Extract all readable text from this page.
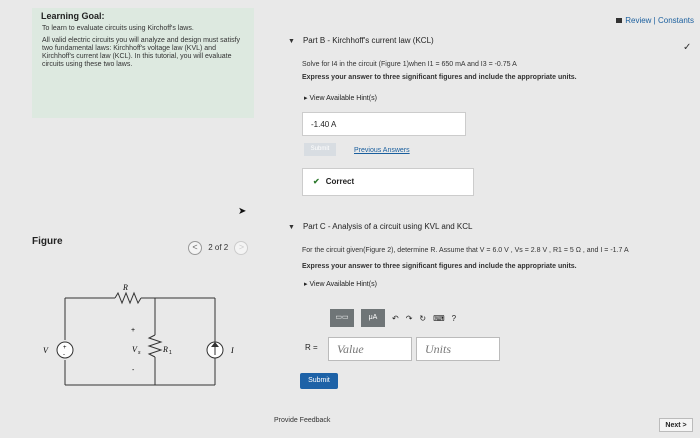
Review | Constants
Learning Goal:

To learn to evaluate circuits using Kirchoff's laws.

All valid electric circuits you will analyze and design must satisfy two fundamental laws: Kirchhoff's voltage law (KVL) and Kirchhoff's current law (KCL). In this tutorial, you will evaluate circuits using these two laws.

➤
Figure	< 2 of 2 >
+
-
V
R
+
-
V s	R 1	I
▼ Part B - Kirchhoff's current law (KCL)
✓
Solve for I4 in the circuit (Figure 1)when I1 = 650 mA and I3 = -0.75 A
Express your answer to three significant figures and include the appropriate units.
▸ View Available Hint(s)
-1.40 A
Submit	Previous Answers
✔ Correct
▼ Part C - Analysis of a circuit using KVL and KCL
For the circuit given(Figure 2), determine R. Assume that V = 6.0 V , Vs = 2.8 V , R1 = 5 Ω , and I = -1.7 A
Express your answer to three significant figures and include the appropriate units.
▸ View Available Hint(s)
▭▭	μA	↶ ↷ ↻ ⌨ ?
R =	Value	Units
Submit
Provide Feedback
Next >
